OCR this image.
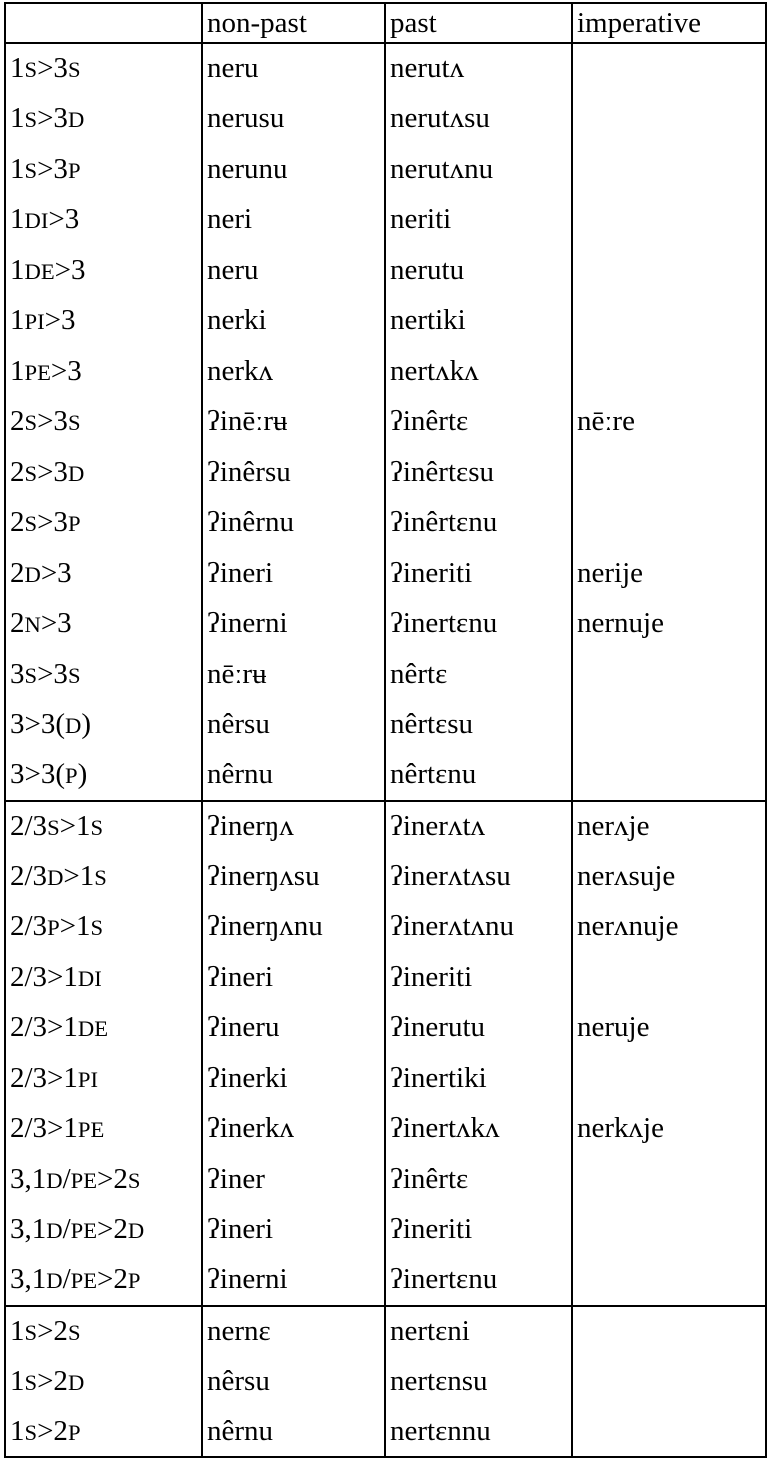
	non-past	past	imperative
1S>3S	neru	nerutʌ	
1S>3D	nerusu	nerutʌsu	
1S>3P	nerunu	nerutʌnu	
1DI>3	neri	neriti	
1DE>3	neru	nerutu	
1PI>3	nerki	nertiki	
1PE>3	nerkʌ	nertʌkʌ	
2S>3S	ʔinēːrʉ	ʔinêrtɛ	nēːre
2S>3D	ʔinêrsu	ʔinêrtɛsu	
2S>3P	ʔinêrnu	ʔinêrtɛnu	
2D>3	ʔineri	ʔineriti	nerije
2N>3	ʔinerni	ʔinertɛnu	nernuje
3S>3S	nēːrʉ	nêrtɛ	
3>3(D)	nêrsu	nêrtɛsu	
3>3(P)	nêrnu	nêrtɛnu	
2/3S>1S	ʔinerŋʌ	ʔinerʌtʌ	nerʌje
2/3D>1S	ʔinerŋʌsu	ʔinerʌtʌsu	nerʌsuje
2/3P>1S	ʔinerŋʌnu	ʔinerʌtʌnu	nerʌnuje
2/3>1DI	ʔineri	ʔineriti	
2/3>1DE	ʔineru	ʔinerutu	neruje
2/3>1PI	ʔinerki	ʔinertiki	
2/3>1PE	ʔinerkʌ	ʔinertʌkʌ	nerkʌje
3,1D/PE>2S	ʔiner	ʔinêrtɛ	
3,1D/PE>2D	ʔineri	ʔineriti	
3,1D/PE>2P	ʔinerni	ʔinertɛnu	
1S>2S	nernɛ	nertɛni	
1S>2D	nêrsu	nertɛnsu	
1S>2P	nêrnu	nertɛnnu	
